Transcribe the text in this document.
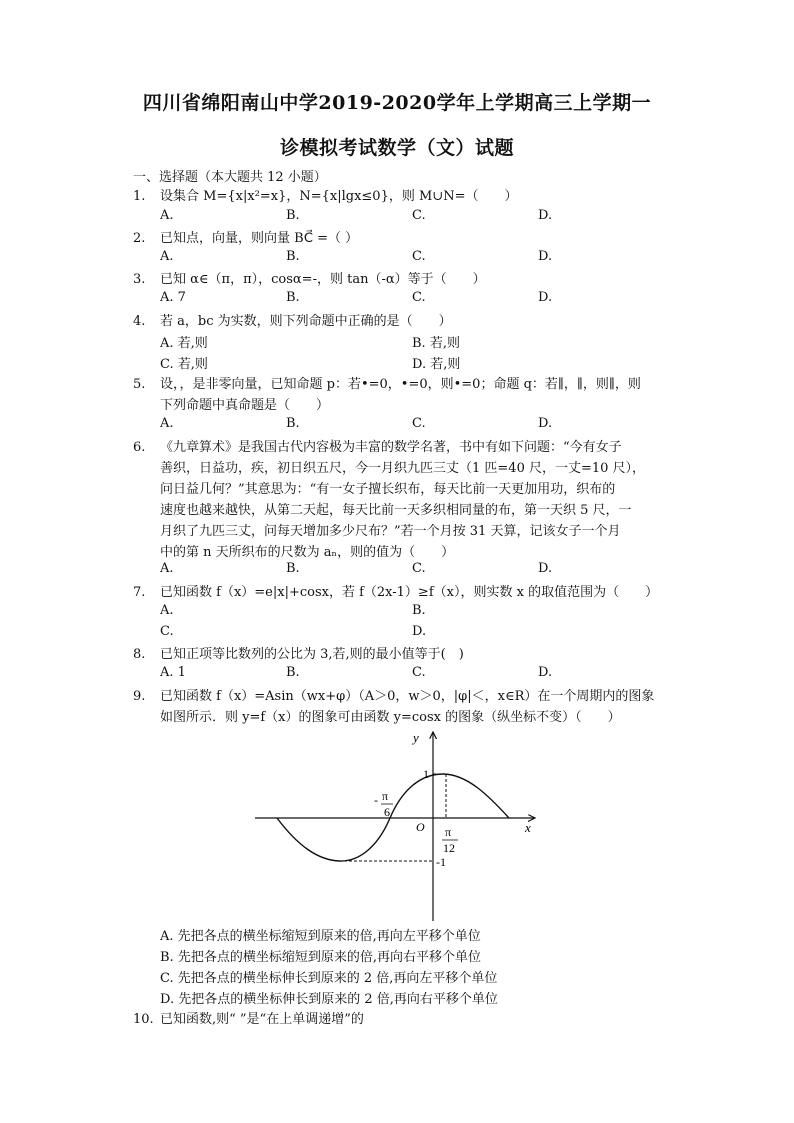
四川省绵阳南山中学2019-2020学年上学期高三上学期一
诊模拟考试数学（文）试题
一、选择题（本大题共 12 小题）
1.	设集合 M={x|x²=x}，N={x|lgx≤0}，则 M∪N=（　　）
A.	B.	C.	D.
2.	已知点，向量，则向量 BC⃗ =（ ）
A.	B.	C.	D.
3.	已知 α∈（π，π），cosα=-，则 tan（-α）等于（　　）
A. 7	B.	C.	D.
4.	若 a，bc 为实数，则下列命题中正确的是（　　）
A. 若,则	B. 若,则
C. 若,则	D. 若,则
5.	设，，是非零向量，已知命题 p：若•=0，•=0，则•=0；命题 q：若∥，∥，则∥，则
下列命题中真命题是（　　）
A.	B.	C.	D.
6.	《九章算术》是我国古代内容极为丰富的数学名著，书中有如下问题：“今有女子
善织，日益功，疾，初日织五尺，今一月织九匹三丈（1 匹=40 尺，一丈=10 尺），
问日益几何？”其意思为：“有一女子擅长织布，每天比前一天更加用功，织布的
速度也越来越快，从第二天起，每天比前一天多织相同量的布，第一天织 5 尺，一
月织了九匹三丈，问每天增加多少尺布？”若一个月按 31 天算，记该女子一个月
中的第 n 天所织布的尺数为 aₙ，则的值为（　　）
A.	B.	C.	D.
7.	已知函数 f（x）=e|x|+cosx，若 f（2x-1）≥f（x），则实数 x 的取值范围为（　　）
A.	B.
C.	D.
8.	已知正项等比数列的公比为 3,若,则的最小值等于(　)
A. 1	B.	C.	D.
9.	已知函数 f（x）=Asin（wx+φ）（A＞0，w＞0，|φ|＜，x∈R）在一个周期内的图象
如图所示．则 y=f（x）的图象可由函数 y=cosx 的图象（纵坐标不变）（　　）
y
x
O
1
-1
- π
6
π
12
A. 先把各点的横坐标缩短到原来的倍,再向左平移个单位
B. 先把各点的横坐标缩短到原来的倍,再向右平移个单位
C. 先把各点的横坐标伸长到原来的 2 倍,再向左平移个单位
D. 先把各点的横坐标伸长到原来的 2 倍,再向右平移个单位
10. 已知函数,则“ ”是“在上单调递增”的
